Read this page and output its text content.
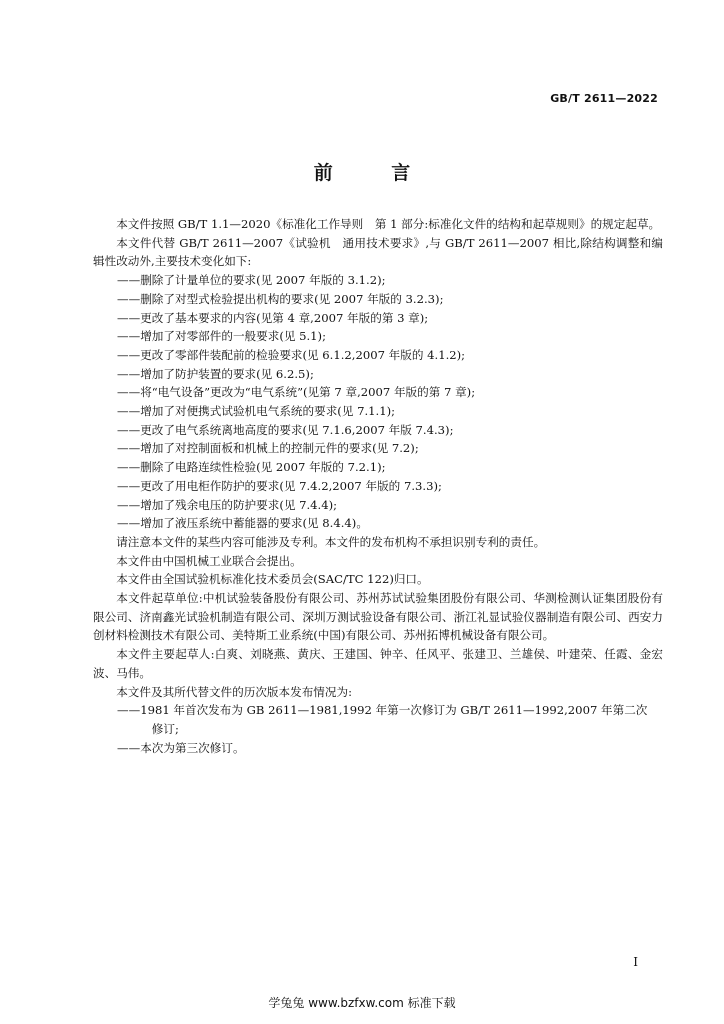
GB/T 2611—2022
前 言

本文件按照 GB/T 1.1—2020《标准化工作导则　第 1 部分:标准化文件的结构和起草规则》的规定起草。

本文件代替 GB/T 2611—2007《试验机　通用技术要求》,与 GB/T 2611—2007 相比,除结构调整和编辑性改动外,主要技术变化如下:

——删除了计量单位的要求(见 2007 年版的 3.1.2);

——删除了对型式检验提出机构的要求(见 2007 年版的 3.2.3);

——更改了基本要求的内容(见第 4 章,2007 年版的第 3 章);

——增加了对零部件的一般要求(见 5.1);

——更改了零部件装配前的检验要求(见 6.1.2,2007 年版的 4.1.2);

——增加了防护装置的要求(见 6.2.5);

——将“电气设备”更改为“电气系统”(见第 7 章,2007 年版的第 7 章);

——增加了对便携式试验机电气系统的要求(见 7.1.1);

——更改了电气系统离地高度的要求(见 7.1.6,2007 年版 7.4.3);

——增加了对控制面板和机械上的控制元件的要求(见 7.2);

——删除了电路连续性检验(见 2007 年版的 7.2.1);

——更改了用电柜作防护的要求(见 7.4.2,2007 年版的 7.3.3);

——增加了残余电压的防护要求(见 7.4.4);

——增加了液压系统中蓄能器的要求(见 8.4.4)。

请注意本文件的某些内容可能涉及专利。本文件的发布机构不承担识别专利的责任。

本文件由中国机械工业联合会提出。

本文件由全国试验机标准化技术委员会(SAC/TC 122)归口。

本文件起草单位:中机试验装备股份有限公司、苏州苏试试验集团股份有限公司、华测检测认证集团股份有限公司、济南鑫光试验机制造有限公司、深圳万测试验设备有限公司、浙江礼显试验仪器制造有限公司、西安力创材料检测技术有限公司、美特斯工业系统(中国)有限公司、苏州拓博机械设备有限公司。

本文件主要起草人:白爽、刘晓燕、黄庆、王建国、钟辛、任风平、张建卫、兰雄侯、叶建荣、任霞、金宏波、马伟。

本文件及其所代替文件的历次版本发布情况为:

——1981 年首次发布为 GB 2611—1981,1992 年第一次修订为 GB/T 2611—1992,2007 年第二次
修订;

——本次为第三次修订。

I
学兔兔 www.bzfxw.com 标准下载
